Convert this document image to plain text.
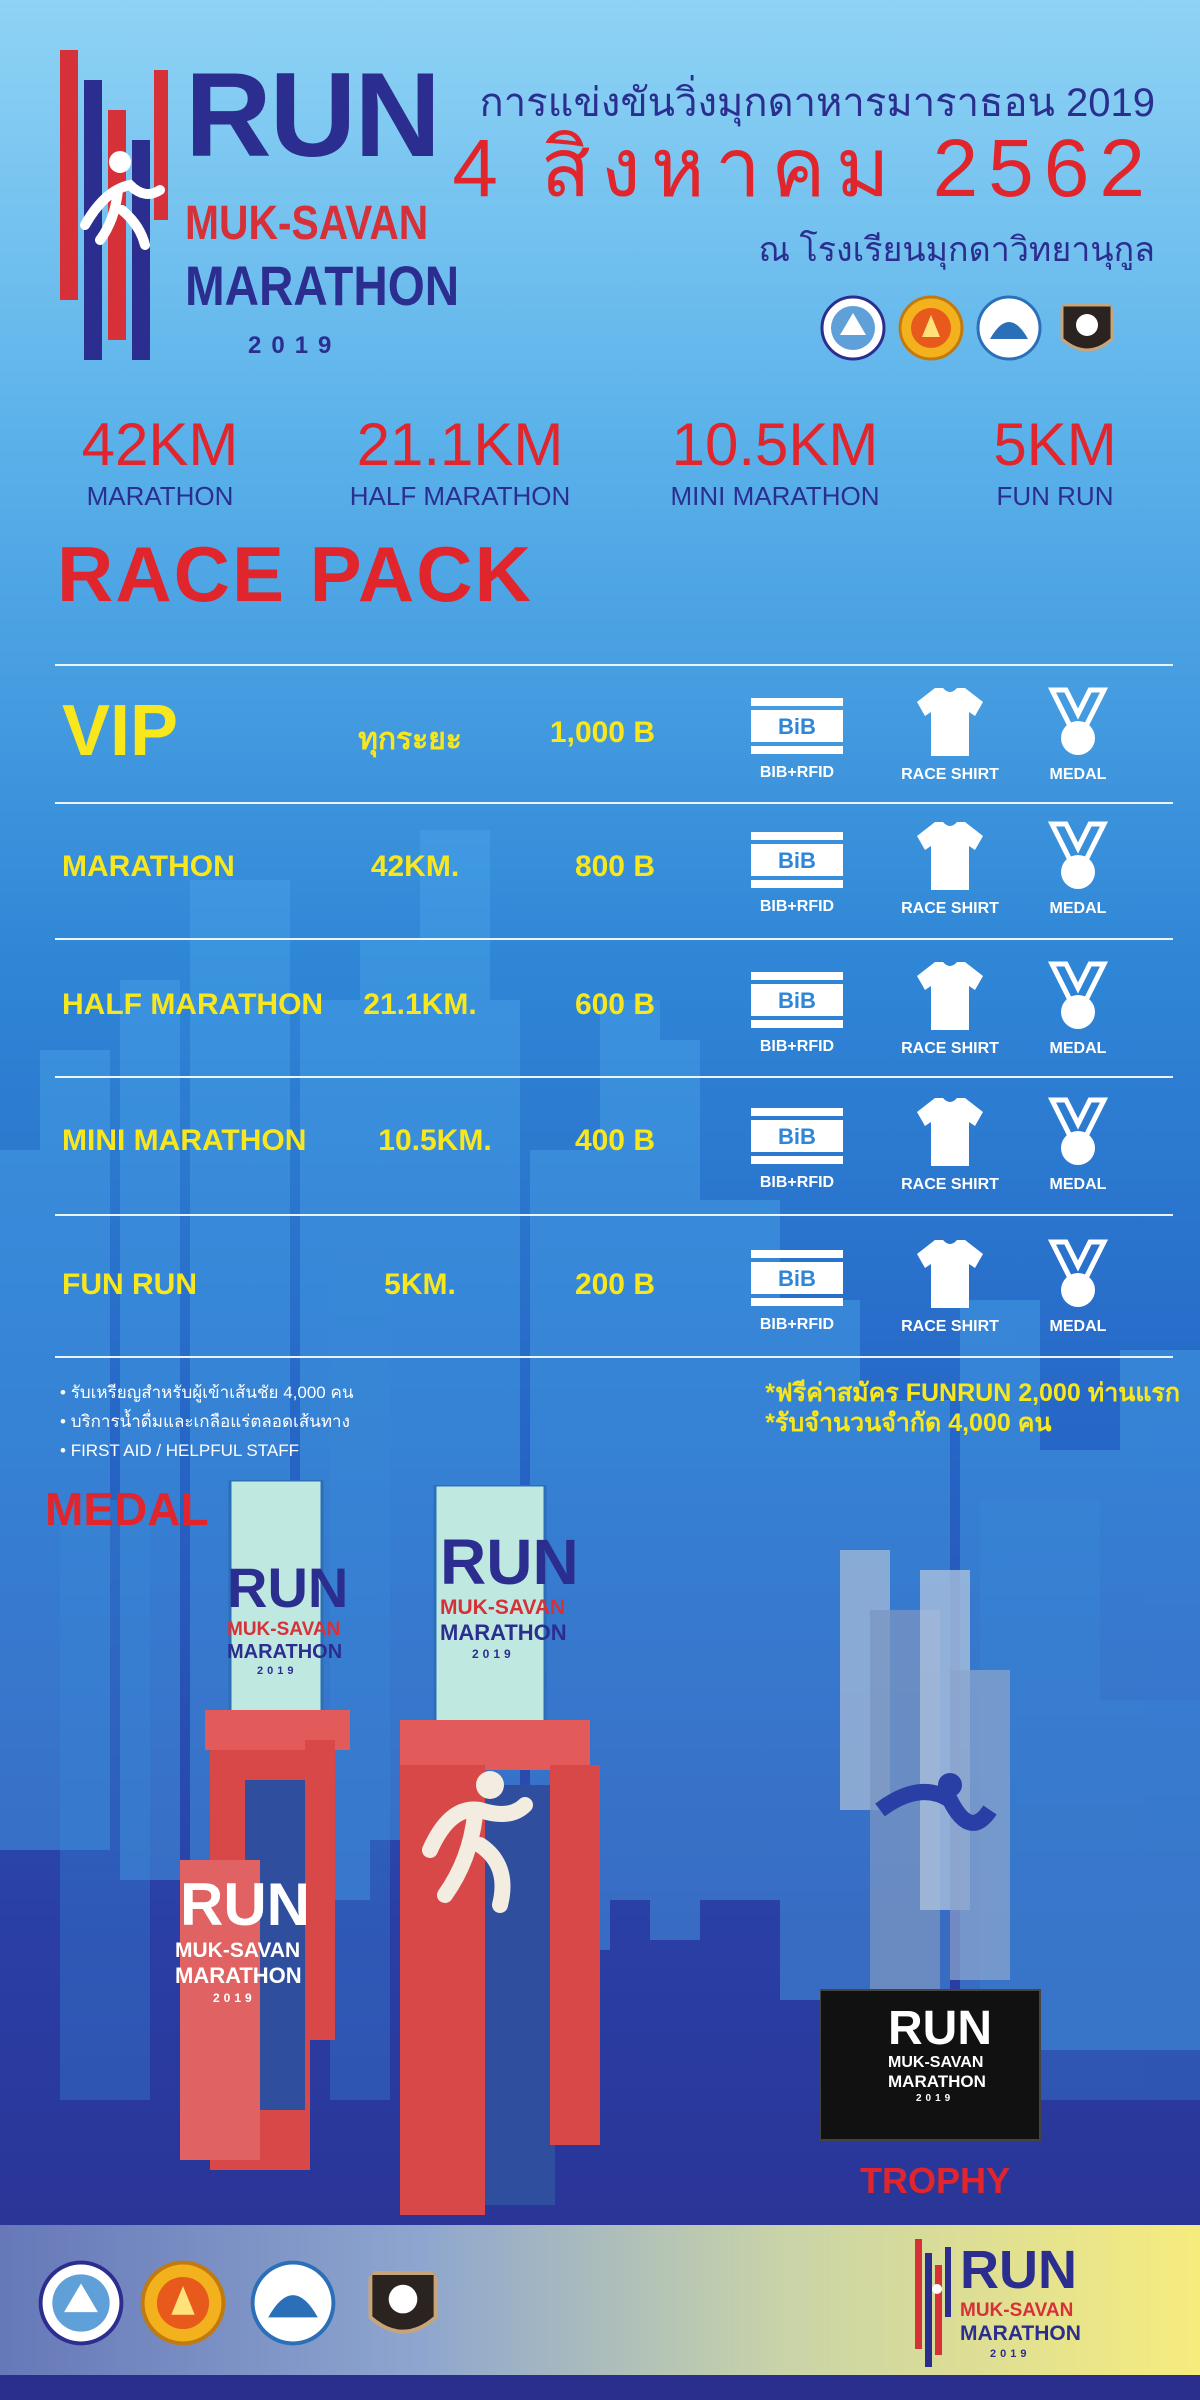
RUN
MUK-SAVAN
MARATHON
2019
การแข่งขันวิ่งมุกดาหารมาราธอน 2019
4 สิงหาคม 2562
ณ โรงเรียนมุกดาวิทยานุกูล
42KM
MARATHON
21.1KM
HALF MARATHON
10.5KM
MINI MARATHON
5KM
FUN RUN
RACE PACK
VIP	ทุกระยะ	1,000 B	BiB
BIB+RFID	RACE SHIRT	MEDAL
MARATHON	42KM.	800 B	BiB
BIB+RFID	RACE SHIRT	MEDAL
HALF MARATHON	21.1KM.	600 B	BiB
BIB+RFID	RACE SHIRT	MEDAL
MINI MARATHON	10.5KM.	400 B	BiB
BIB+RFID	RACE SHIRT	MEDAL
FUN RUN	5KM.	200 B	BiB
BIB+RFID	RACE SHIRT	MEDAL
• รับเหรียญสำหรับผู้เข้าเส้นชัย 4,000 คน
• บริการน้ำดื่มและเกลือแร่ตลอดเส้นทาง
• FIRST AID / HELPFUL STAFF
*ฟรีค่าสมัคร FUNRUN 2,000 ท่านแรก
*รับจำนวนจำกัด 4,000 คน
MEDAL
RUN
MUK-SAVAN
MARATHON
2019
RUN
MUK-SAVAN
MARATHON
2019
RUN
MUK-SAVAN
MARATHON
2019
RUN
MUK-SAVAN
MARATHON
2019
TROPHY
RUN
MUK-SAVAN
MARATHON
2019
